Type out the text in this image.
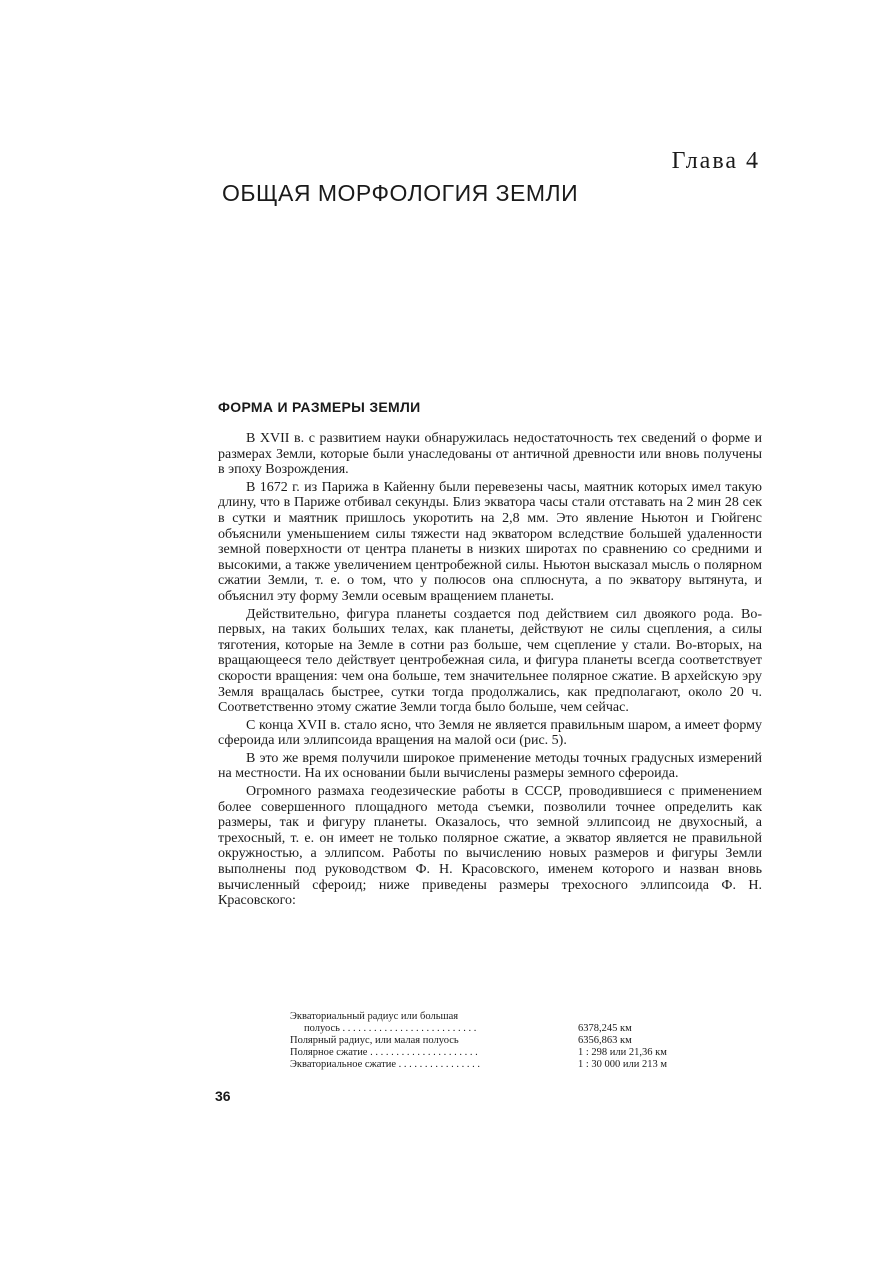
Глава 4
ОБЩАЯ МОРФОЛОГИЯ ЗЕМЛИ
ФОРМА И РАЗМЕРЫ ЗЕМЛИ

В XVII в. с развитием науки обнаружилась недостаточность тех сведений о форме и размерах Земли, которые были унаследованы от античной древности или вновь получены в эпоху Возрождения.

В 1672 г. из Парижа в Кайенну были перевезены часы, маятник которых имел такую длину, что в Париже отбивал секунды. Близ экватора часы стали отставать на 2 мин 28 сек в сутки и маятник пришлось укоротить на 2,8 мм. Это явление Ньютон и Гюйгенс объяснили уменьшением силы тяжести над экватором вследствие большей удаленности земной поверхности от центра планеты в низких широтах по сравнению со средними и высокими, а также увеличением центробежной силы. Ньютон высказал мысль о полярном сжатии Земли, т. е. о том, что у полюсов она сплюснута, а по экватору вытянута, и объяснил эту форму Земли осевым вращением планеты.

Действительно, фигура планеты создается под действием сил двоякого рода. Во-первых, на таких больших телах, как планеты, действуют не силы сцепления, а силы тяготения, которые на Земле в сотни раз больше, чем сцепление у стали. Во-вторых, на вращающееся тело действует центробежная сила, и фигура планеты всегда соответствует скорости вращения: чем она больше, тем значительнее полярное сжатие. В архейскую эру Земля вращалась быстрее, сутки тогда продолжались, как предполагают, около 20 ч. Соответственно этому сжатие Земли тогда было больше, чем сейчас.

С конца XVII в. стало ясно, что Земля не является правильным шаром, а имеет форму сфероида или эллипсоида вращения на малой оси (рис. 5).

В это же время получили широкое применение методы точных градусных измерений на местности. На их основании были вычислены размеры земного сфероида.

Огромного размаха геодезические работы в СССР, проводившиеся с применением более совершенного площадного метода съемки, позволили точнее определить как размеры, так и фигуру планеты. Оказалось, что земной эллипсоид не двухосный, а трехосный, т. е. он имеет не только полярное сжатие, а экватор является не правильной окружностью, а эллипсом. Работы по вычислению новых размеров и фигуры Земли выполнены под руководством Ф. Н. Красовского, именем которого и назван вновь вычисленный сфероид; ниже приведены размеры трехосного эллипсоида Ф. Н. Красовского:

Экваториальный радиус или большая
полуось . . . . . . . . . . . . . . . . . . . . . . . . . .	6378,245 км
Полярный радиус, или малая полуось	6356,863 км
Полярное сжатие . . . . . . . . . . . . . . . . . . . . .	1 : 298 или 21,36 км
Экваториальное сжатие . . . . . . . . . . . . . . . .	1 : 30 000 или 213 м
36
